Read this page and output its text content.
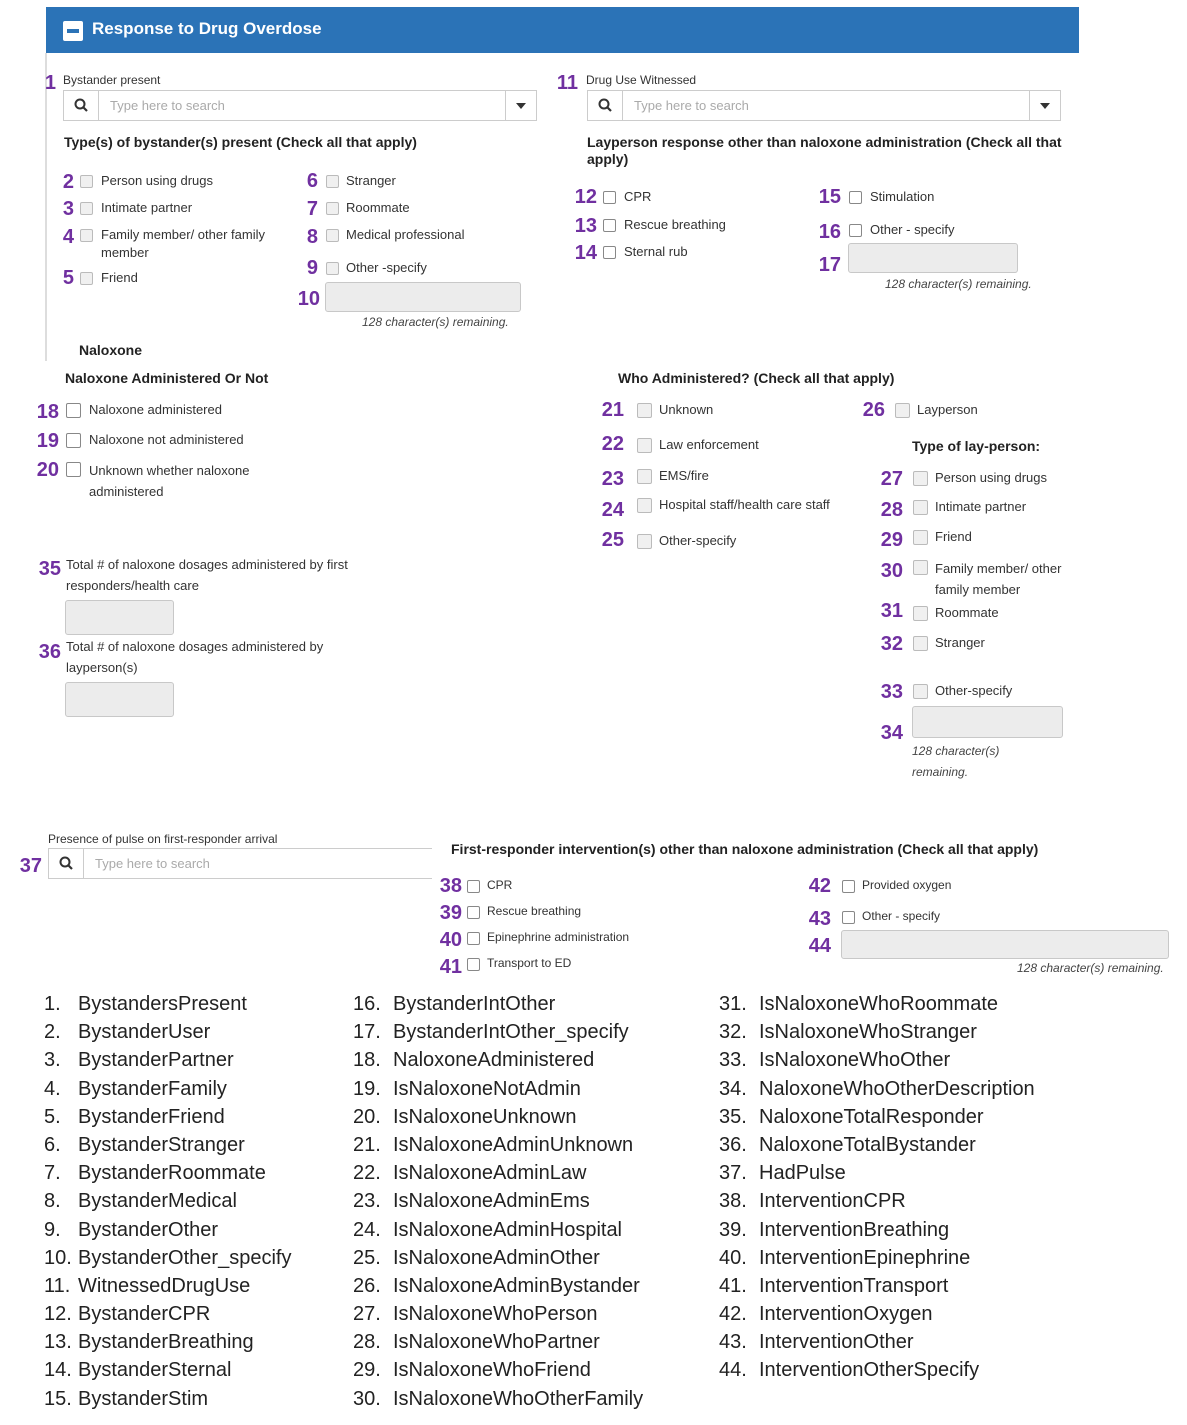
Response to Drug Overdose
1 Bystander present
Type here to search
Type(s) of bystander(s) present (Check all that apply)
2 Person using drugs
3 Intimate partner
4 Family member/ other family member
5 Friend
6 Stranger
7 Roommate
8 Medical professional
9 Other -specify
10
128 character(s) remaining.
11 Drug Use Witnessed
Type here to search
Layperson response other than naloxone administration (Check all that apply)
12 CPR
13 Rescue breathing
14 Sternal rub
15 Stimulation
16 Other - specify
17
128 character(s) remaining.
Naloxone
Naloxone Administered Or Not
18 Naloxone administered
19 Naloxone not administered
20 Unknown whether naloxone administered
Who Administered? (Check all that apply)
21	Unknown
22	Law enforcement
23	EMS/fire
24	Hospital staff/health care staff
25	Other-specify
26 Layperson
Type of lay-person:
27 Person using drugs
28 Intimate partner
29 Friend
30 Family member/ other family member
31 Roommate
32 Stranger
33 Other-specify
34
128 character(s) remaining.
35 Total # of naloxone dosages administered by first responders/health care
36 Total # of naloxone dosages administered by layperson(s)
Presence of pulse on first-responder arrival
37	Type here to search
First-responder intervention(s) other than naloxone administration (Check all that apply)
38 CPR
39 Rescue breathing
40 Epinephrine administration
41 Transport to ED
42	Provided oxygen
43	Other - specify
44
128 character(s) remaining.
1. BystandersPresent
2. BystanderUser
3. BystanderPartner
4. BystanderFamily
5. BystanderFriend
6. BystanderStranger
7. BystanderRoommate
8. BystanderMedical
9. BystanderOther
10. BystanderOther_specify
11. WitnessedDrugUse
12. BystanderCPR
13. BystanderBreathing
14. BystanderSternal
15. BystanderStim
16. BystanderIntOther
17. BystanderIntOther_specify
18. NaloxoneAdministered
19. IsNaloxoneNotAdmin
20. IsNaloxoneUnknown
21. IsNaloxoneAdminUnknown
22. IsNaloxoneAdminLaw
23. IsNaloxoneAdminEms
24. IsNaloxoneAdminHospital
25. IsNaloxoneAdminOther
26. IsNaloxoneAdminBystander
27. IsNaloxoneWhoPerson
28. IsNaloxoneWhoPartner
29. IsNaloxoneWhoFriend
30. IsNaloxoneWhoOtherFamily
31. IsNaloxoneWhoRoommate
32. IsNaloxoneWhoStranger
33. IsNaloxoneWhoOther
34. NaloxoneWhoOtherDescription
35. NaloxoneTotalResponder
36. NaloxoneTotalBystander
37. HadPulse
38. InterventionCPR
39. InterventionBreathing
40. InterventionEpinephrine
41. InterventionTransport
42. InterventionOxygen
43. InterventionOther
44. InterventionOtherSpecify
